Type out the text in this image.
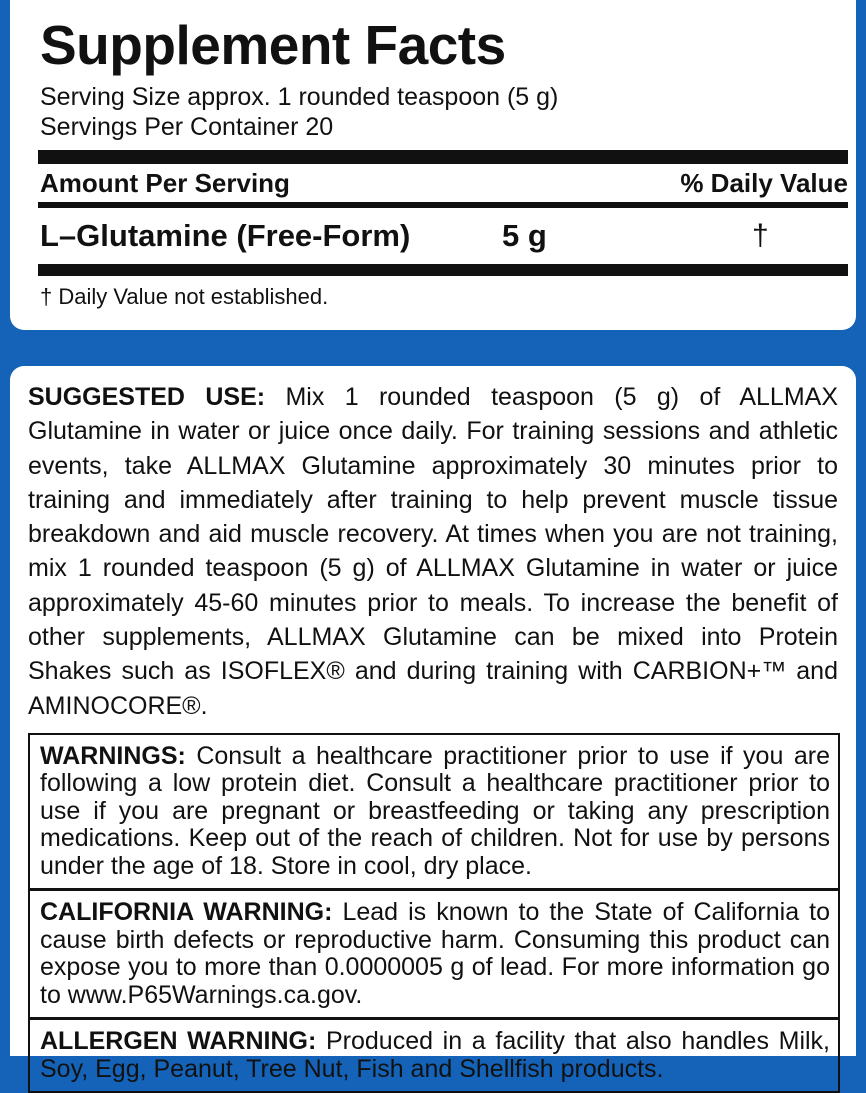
Supplement Facts
Serving Size approx. 1 rounded teaspoon (5 g)
Servings Per Container 20
Amount Per Serving	% Daily Value
L–Glutamine (Free-Form)	5 g	†
† Daily Value not established.

SUGGESTED USE: Mix 1 rounded teaspoon (5 g) of ALLMAX Glutamine in water or juice once daily. For training sessions and athletic events, take ALLMAX Glutamine approximately 30 minutes prior to training and immediately after training to help prevent muscle tissue breakdown and aid muscle recovery. At times when you are not training, mix 1 rounded teaspoon (5 g) of ALLMAX Glutamine in water or juice approximately 45-60 minutes prior to meals. To increase the benefit of other supplements, ALLMAX Glutamine can be mixed into Protein Shakes such as ISOFLEX® and during training with CARBION+™ and AMINOCORE®.

WARNINGS: Consult a healthcare practitioner prior to use if you are following a low protein diet. Consult a healthcare practitioner prior to use if you are pregnant or breastfeeding or taking any prescription medications. Keep out of the reach of children. Not for use by persons under the age of 18. Store in cool, dry place.
CALIFORNIA WARNING: Lead is known to the State of California to cause birth defects or reproductive harm. Consuming this product can expose you to more than 0.0000005 g of lead. For more information go to www.P65Warnings.ca.gov.
ALLERGEN WARNING: Produced in a facility that also handles Milk, Soy, Egg, Peanut, Tree Nut, Fish and Shellfish products.
